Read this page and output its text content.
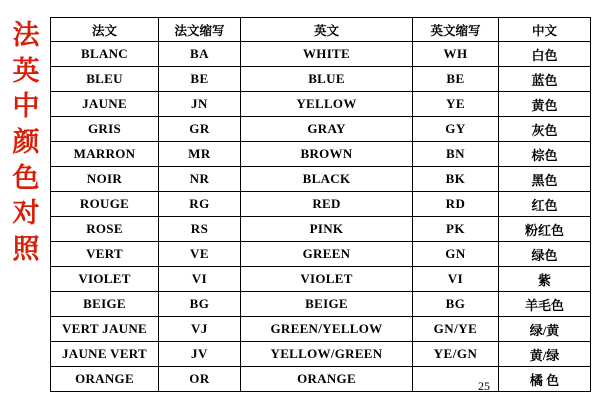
法
英
中
颜
色
对
照
法文	法文缩写	英文	英文缩写	中文
BLANC	BA	WHITE	WH	白色
BLEU	BE	BLUE	BE	蓝色
JAUNE	JN	YELLOW	YE	黄色
GRIS	GR	GRAY	GY	灰色
MARRON	MR	BROWN	BN	棕色
NOIR	NR	BLACK	BK	黑色
ROUGE	RG	RED	RD	红色
ROSE	RS	PINK	PK	粉红色
VERT	VE	GREEN	GN	绿色
VIOLET	VI	VIOLET	VI	紫
BEIGE	BG	BEIGE	BG	羊毛色
VERT JAUNE	VJ	GREEN/YELLOW	GN/YE	绿/黄
JAUNE VERT	JV	YELLOW/GREEN	YE/GN	黄/绿
ORANGE	OR	ORANGE		橘 色
25
